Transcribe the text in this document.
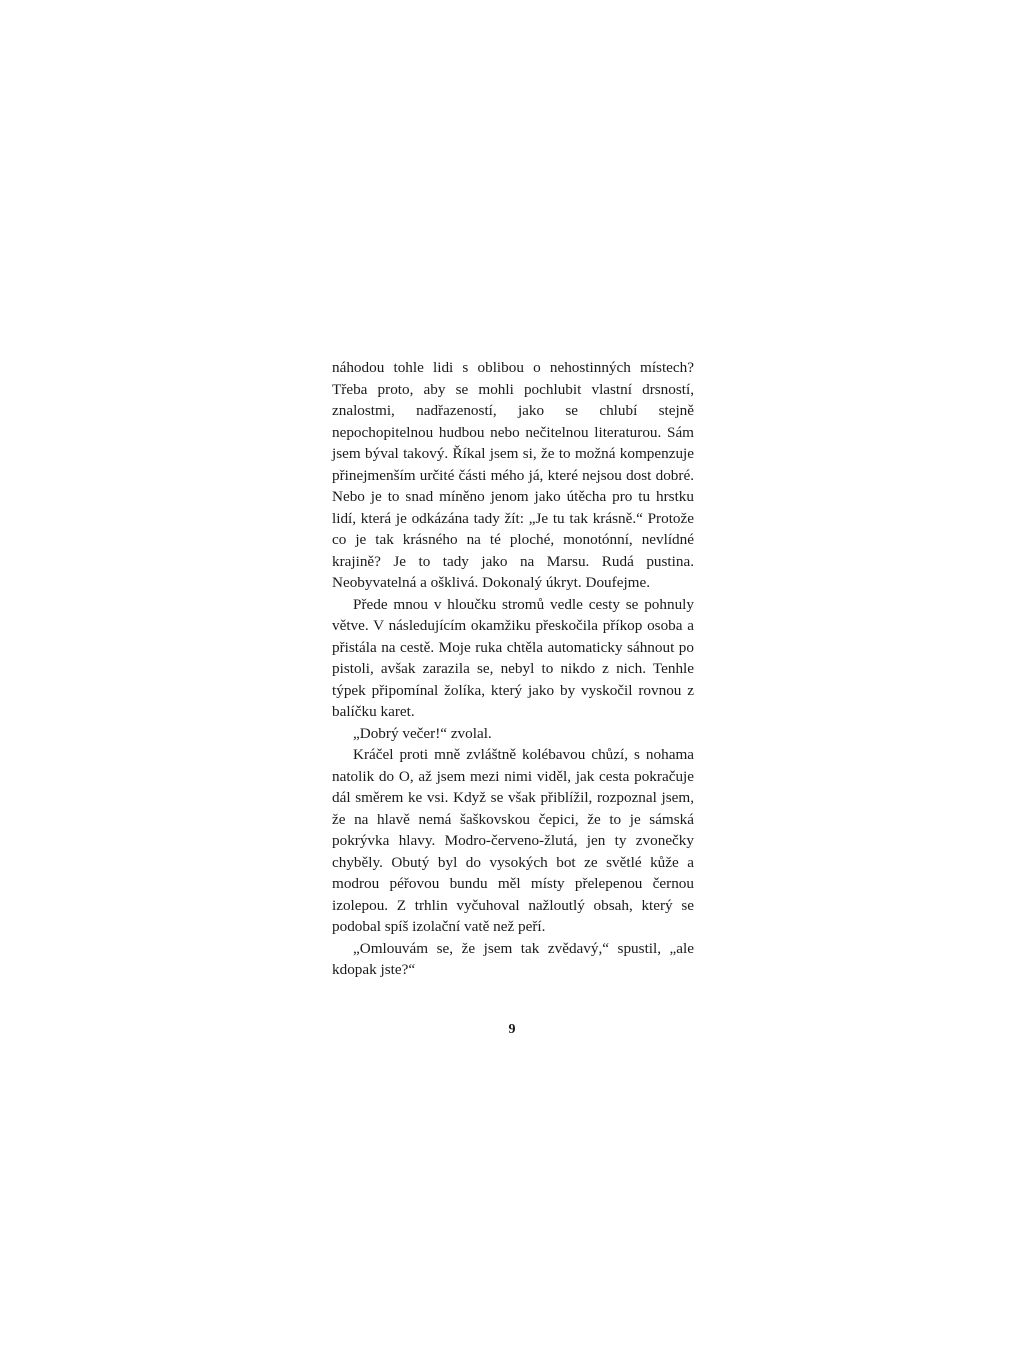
náhodou tohle lidi s oblibou o nehostinných místech? Třeba proto, aby se mohli pochlubit vlastní drsností, znalostmi, nadřazeností, jako se chlubí stejně nepochopitelnou hudbou nebo nečitelnou literaturou. Sám jsem býval takový. Říkal jsem si, že to možná kompenzuje přinejmenším určité části mého já, které nejsou dost dobré. Nebo je to snad míněno jenom jako útěcha pro tu hrstku lidí, která je odkázána tady žít: „Je tu tak krásně.“ Protože co je tak krásného na té ploché, monotónní, nevlídné krajině? Je to tady jako na Marsu. Rudá pustina. Neobyvatelná a ošklivá. Dokonalý úkryt. Doufejme.

Přede mnou v hloučku stromů vedle cesty se pohnuly větve. V následujícím okamžiku přeskočila příkop osoba a přistála na cestě. Moje ruka chtěla automaticky sáhnout po pistoli, avšak zarazila se, nebyl to nikdo z nich. Tenhle týpek připomínal žolíka, který jako by vyskočil rovnou z balíčku karet.

„Dobrý večer!“ zvolal.

Kráčel proti mně zvláštně kolébavou chůzí, s nohama natolik do O, až jsem mezi nimi viděl, jak cesta pokračuje dál směrem ke vsi. Když se však přiblížil, rozpoznal jsem, že na hlavě nemá šaškovskou čepici, že to je sámská pokrývka hlavy. Modro-červeno-žlutá, jen ty zvonečky chyběly. Obutý byl do vysokých bot ze světlé kůže a modrou péřovou bundu měl místy přelepenou černou izolepou. Z trhlin vyčuhoval nažloutlý obsah, který se podobal spíš izolační vatě než peří.

„Omlouvám se, že jsem tak zvědavý,“ spustil, „ale kdopak jste?“

9
